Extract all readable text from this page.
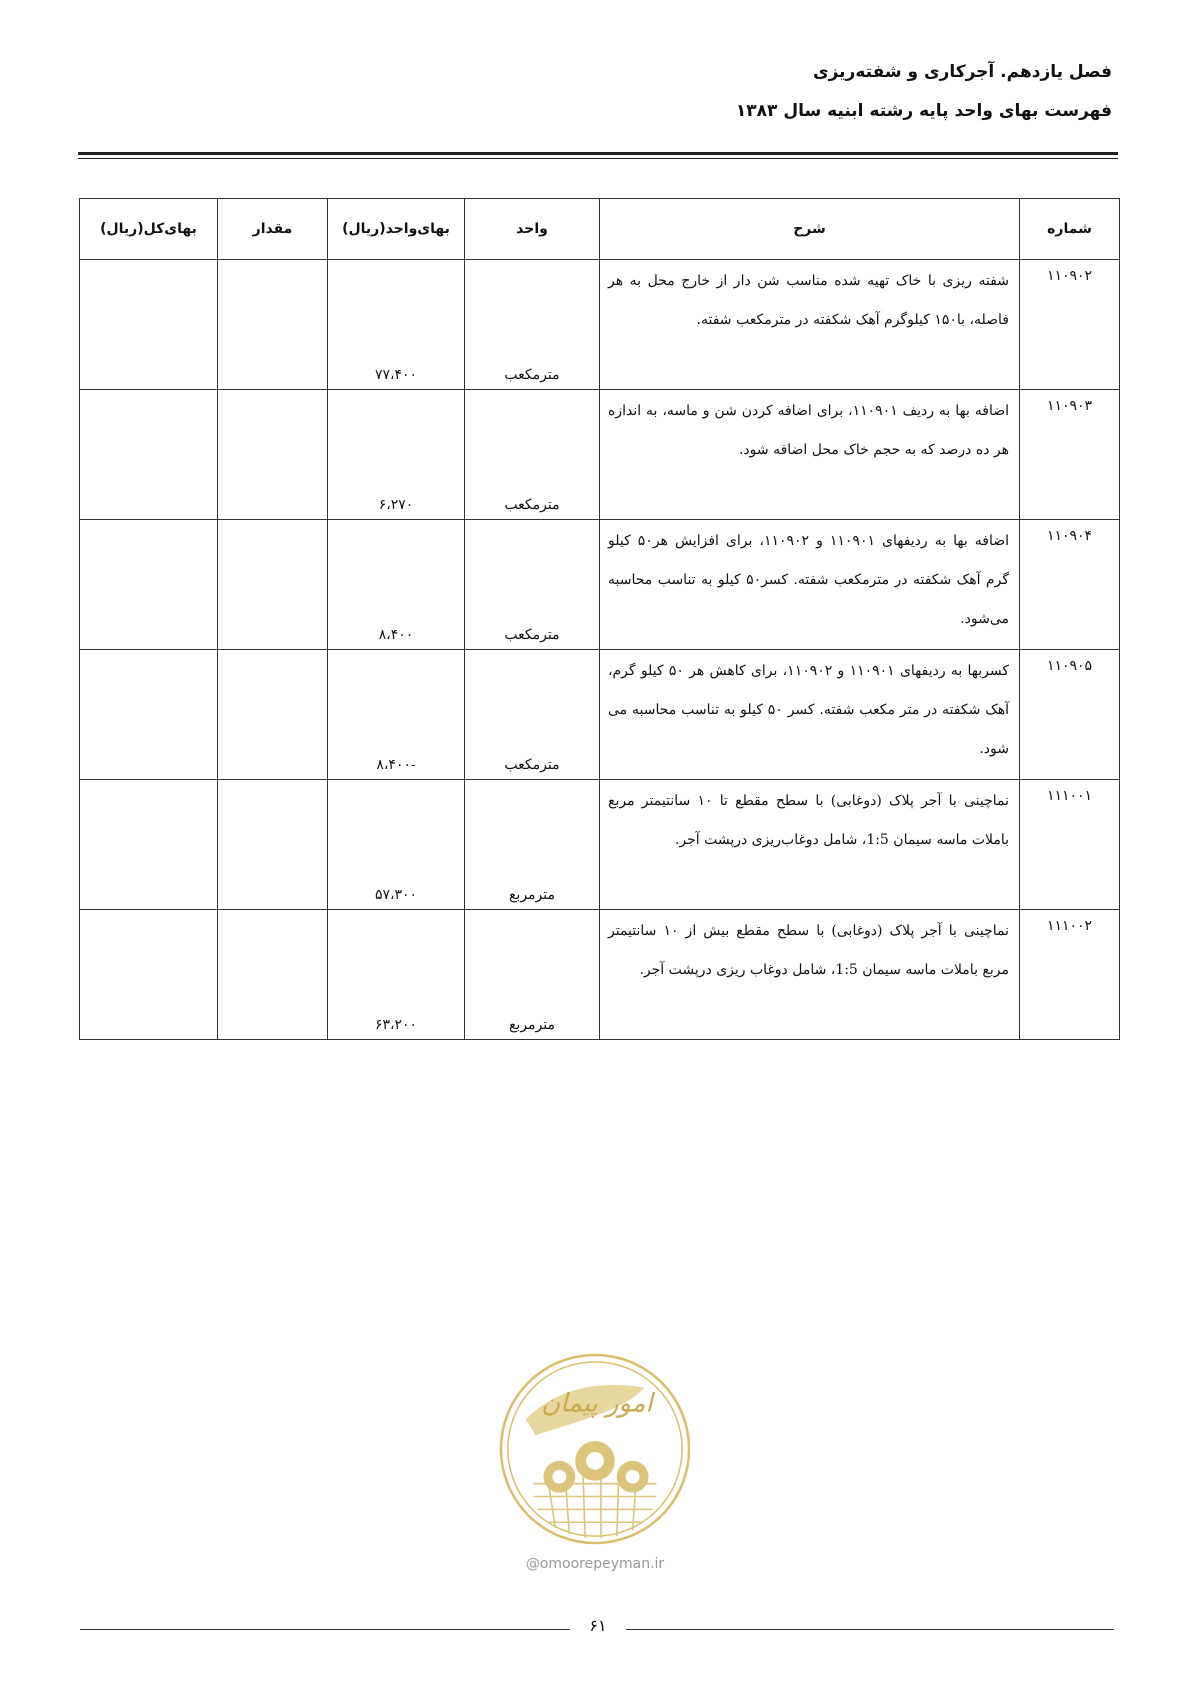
فصل یازدهم. آجرکاری و شفته‌ریزی
فهرست بهای واحد پایه رشته ابنیه سال ۱۳۸۳
شماره	شرح	واحد	بهای‌واحد(ریال)	مقدار	بهای‌کل(ریال)
۱۱۰۹۰۲	شفته ریزی با خاک تهیه شده مناسب شن دار از خارج محل به هر فاصله، با۱۵۰ کیلوگرم آهک شکفته در مترمکعب شفته.	مترمکعب	۷۷،۴۰۰		
۱۱۰۹۰۳	اضافه بها به ردیف ۱۱۰۹۰۱، برای اضافه کردن شن و ماسه، به اندازه هر ده درصد که به حجم خاک محل اضافه شود.	مترمکعب	۶،۲۷۰		
۱۱۰۹۰۴	اضافه بها به ردیفهای ۱۱۰۹۰۱ و ۱۱۰۹۰۲، برای افزایش هر۵۰ کیلو گرم آهک شکفته در مترمکعب شفته. کسر۵۰ کیلو به تناسب محاسبه می‌شود.	مترمکعب	۸،۴۰۰		
۱۱۰۹۰۵	کسربها به ردیفهای ۱۱۰۹۰۱ و ۱۱۰۹۰۲، برای کاهش هر ۵۰ کیلو گرم، آهک شکفته در متر مکعب شفته. کسر ۵۰ کیلو به تناسب محاسبه می شود.	مترمکعب	-۸،۴۰۰		
۱۱۱۰۰۱	نماچینی با آجر پلاک (دوغابی) با سطح مقطع تا ۱۰ سانتیمتر مربع باملات ماسه سیمان 1:5، شامل دوغاب‌ریزی درپشت آجر.	مترمربع	۵۷،۳۰۰		
۱۱۱۰۰۲	نماچینی با آجر پلاک (دوغابی) با سطح مقطع بیش از ۱۰ سانتیمتر مربع باملات ماسه سیمان 1:5، شامل دوغاب ریزی درپشت آجر.	مترمربع	۶۳،۲۰۰		
امور پیمان
@omoorepeyman.ir
۶۱
